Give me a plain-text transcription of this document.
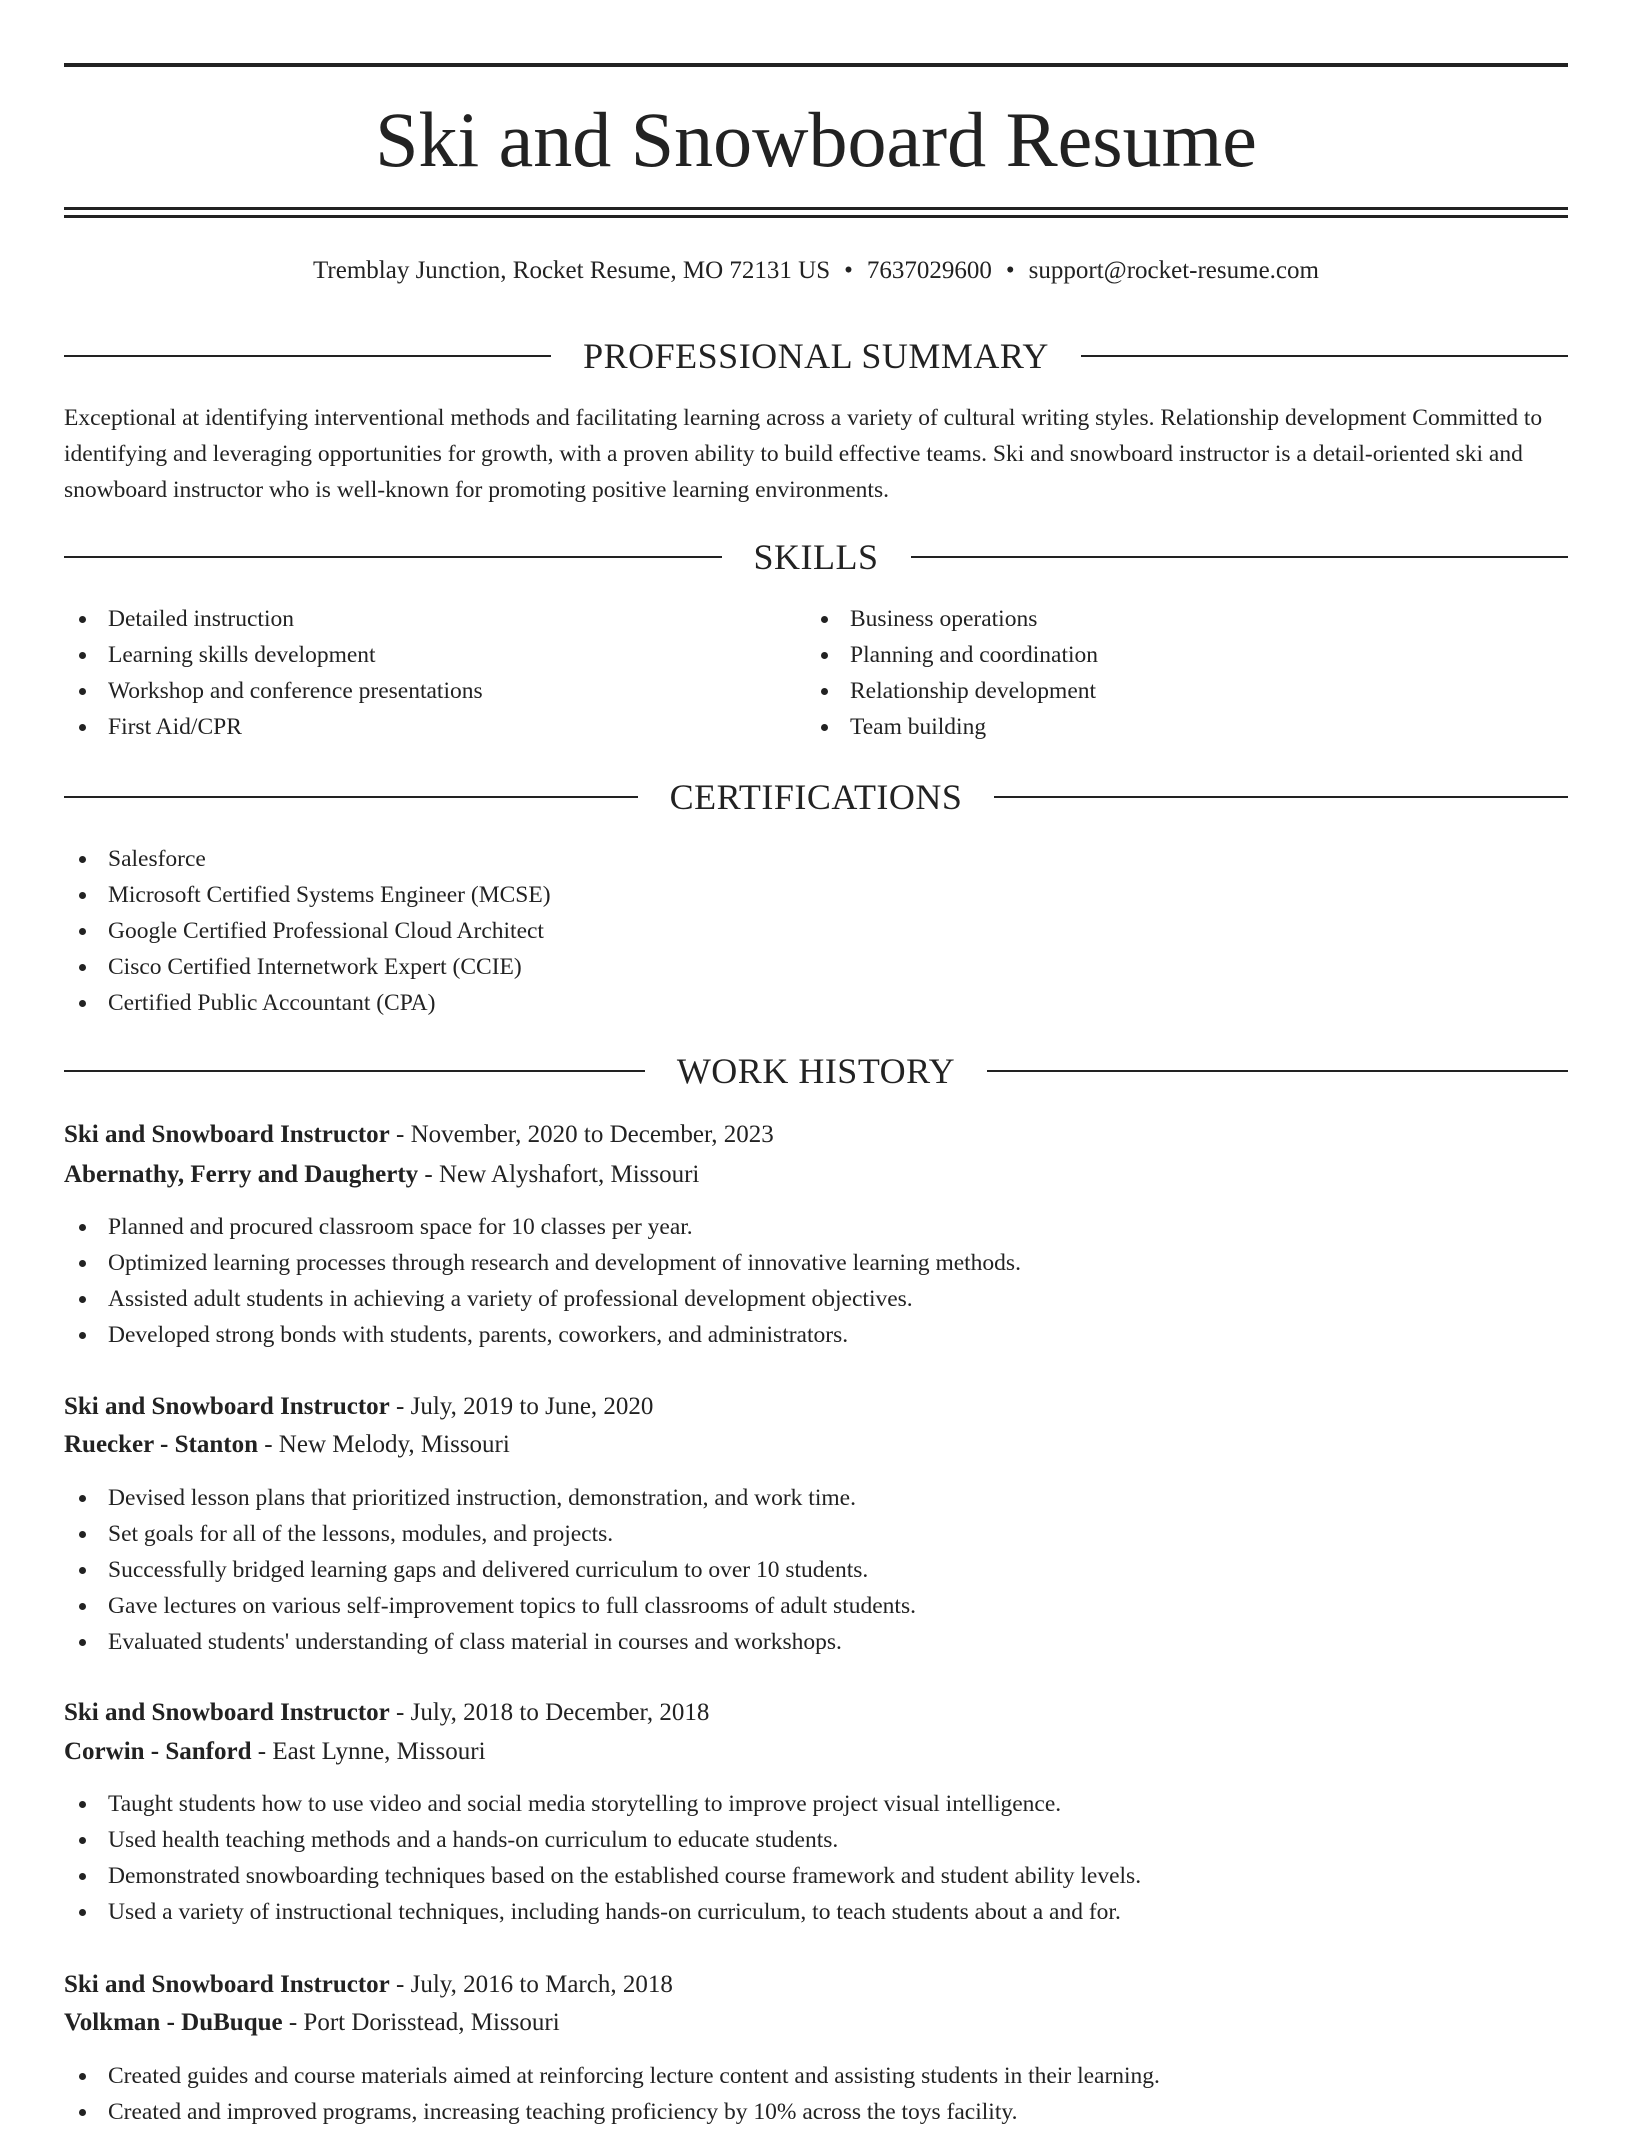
Ski and Snowboard Resume
Tremblay Junction, Rocket Resume, MO 72131 US • 7637029600 • support@rocket-resume.com
PROFESSIONAL SUMMARY

Exceptional at identifying interventional methods and facilitating learning across a variety of cultural writing styles. Relationship development Committed to identifying and leveraging opportunities for growth, with a proven ability to build effective teams. Ski and snowboard instructor is a detail-oriented ski and snowboard instructor who is well-known for promoting positive learning environments.

SKILLS
Detailed instruction
Learning skills development
Workshop and conference presentations
First Aid/CPR
Business operations
Planning and coordination
Relationship development
Team building
CERTIFICATIONS
Salesforce
Microsoft Certified Systems Engineer (MCSE)
Google Certified Professional Cloud Architect
Cisco Certified Internetwork Expert (CCIE)
Certified Public Accountant (CPA)
WORK HISTORY
Ski and Snowboard Instructor - November, 2020 to December, 2023
Abernathy, Ferry and Daugherty - New Alyshafort, Missouri
Planned and procured classroom space for 10 classes per year.
Optimized learning processes through research and development of innovative learning methods.
Assisted adult students in achieving a variety of professional development objectives.
Developed strong bonds with students, parents, coworkers, and administrators.
Ski and Snowboard Instructor - July, 2019 to June, 2020
Ruecker - Stanton - New Melody, Missouri
Devised lesson plans that prioritized instruction, demonstration, and work time.
Set goals for all of the lessons, modules, and projects.
Successfully bridged learning gaps and delivered curriculum to over 10 students.
Gave lectures on various self-improvement topics to full classrooms of adult students.
Evaluated students' understanding of class material in courses and workshops.
Ski and Snowboard Instructor - July, 2018 to December, 2018
Corwin - Sanford - East Lynne, Missouri
Taught students how to use video and social media storytelling to improve project visual intelligence.
Used health teaching methods and a hands-on curriculum to educate students.
Demonstrated snowboarding techniques based on the established course framework and student ability levels.
Used a variety of instructional techniques, including hands-on curriculum, to teach students about a and for.
Ski and Snowboard Instructor - July, 2016 to March, 2018
Volkman - DuBuque - Port Dorisstead, Missouri
Created guides and course materials aimed at reinforcing lecture content and assisting students in their learning.
Created and improved programs, increasing teaching proficiency by 10% across the toys facility.
